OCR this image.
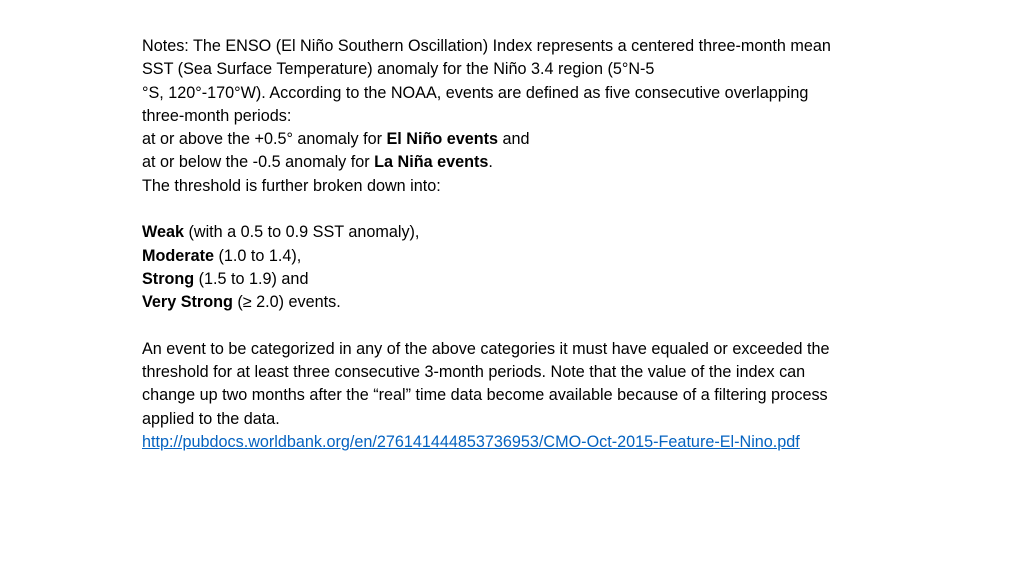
Notes: The ENSO (El Niño Southern Oscillation) Index represents a centered three-month mean
SST (Sea Surface Temperature) anomaly for the Niño 3.4 region (5°N-5
°S, 120°-170°W). According to the NOAA, events are defined as five consecutive overlapping
three-month periods:
at or above the +0.5° anomaly for El Niño events and
at or below the -0.5 anomaly for La Niña events.
The threshold is further broken down into:
Weak (with a 0.5 to 0.9 SST anomaly),
Moderate (1.0 to 1.4),
Strong (1.5 to 1.9) and
Very Strong (≥ 2.0) events.
An event to be categorized in any of the above categories it must have equaled or exceeded the
threshold for at least three consecutive 3-month periods. Note that the value of the index can
change up two months after the “real” time data become available because of a filtering process
applied to the data.
http://pubdocs.worldbank.org/en/276141444853736953/CMO-Oct-2015-Feature-El-Nino.pdf
